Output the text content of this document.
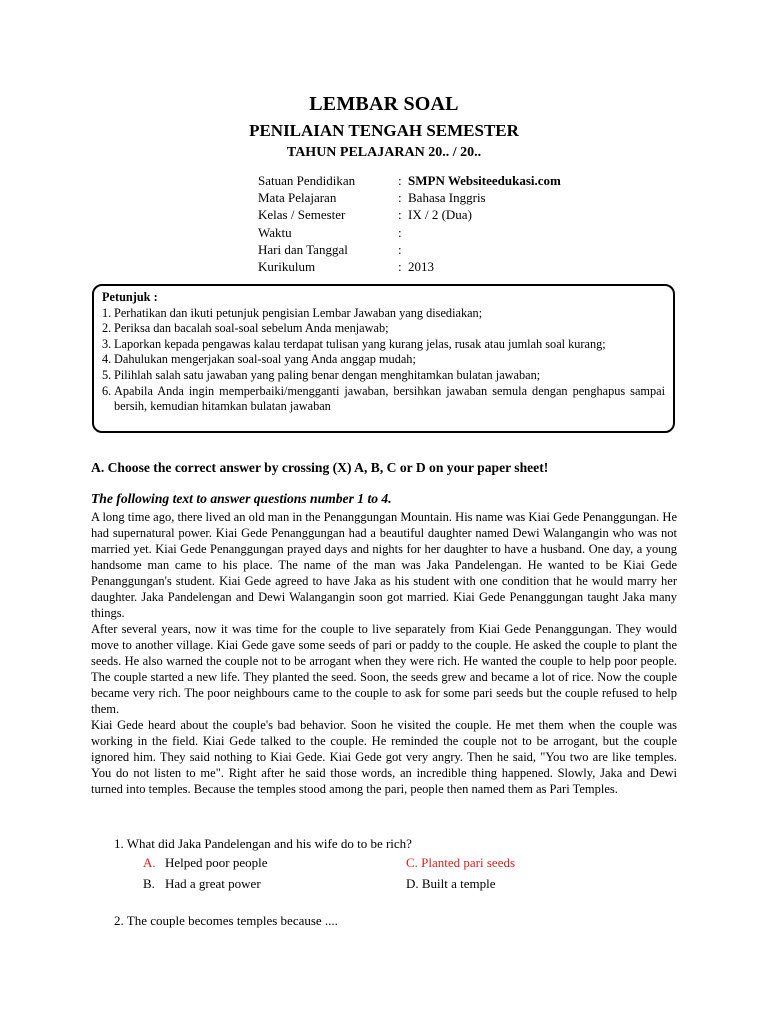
LEMBAR SOAL
PENILAIAN TENGAH SEMESTER
TAHUN PELAJARAN 20.. / 20..
Satuan Pendidikan	: SMPN Websiteedukasi.com
Mata Pelajaran	: Bahasa Inggris
Kelas / Semester	: IX / 2 (Dua)
Waktu	:
Hari dan Tanggal	:
Kurikulum	: 2013
Petunjuk :
1. Perhatikan dan ikuti petunjuk pengisian Lembar Jawaban yang disediakan;
2. Periksa dan bacalah soal-soal sebelum Anda menjawab;
3. Laporkan kepada pengawas kalau terdapat tulisan yang kurang jelas, rusak atau jumlah soal kurang;
4. Dahulukan mengerjakan soal-soal yang Anda anggap mudah;
5. Pilihlah salah satu jawaban yang paling benar dengan menghitamkan bulatan jawaban;
6. Apabila Anda ingin memperbaiki/mengganti jawaban, bersihkan jawaban semula dengan penghapus sampai bersih, kemudian hitamkan bulatan jawaban
A. Choose the correct answer by crossing (X) A, B, C or D on your paper sheet!
The following text to answer questions number 1 to 4.

A long time ago, there lived an old man in the Penanggungan Mountain. His name was Kiai Gede Penanggungan. He had supernatural power. Kiai Gede Penanggungan had a beautiful daughter named Dewi Walangangin who was not married yet. Kiai Gede Penanggungan prayed days and nights for her daughter to have a husband. One day, a young handsome man came to his place. The name of the man was Jaka Pandelengan. He wanted to be Kiai Gede Penanggungan's student. Kiai Gede agreed to have Jaka as his student with one condition that he would marry her daughter. Jaka Pandelengan and Dewi Walangangin soon got married. Kiai Gede Penanggungan taught Jaka many things.

After several years, now it was time for the couple to live separately from Kiai Gede Penanggungan. They would move to another village. Kiai Gede gave some seeds of pari or paddy to the couple. He asked the couple to plant the seeds. He also warned the couple not to be arrogant when they were rich. He wanted the couple to help poor people. The couple started a new life. They planted the seed. Soon, the seeds grew and became a lot of rice. Now the couple became very rich. The poor neighbours came to the couple to ask for some pari seeds but the couple refused to help them.

Kiai Gede heard about the couple's bad behavior. Soon he visited the couple. He met them when the couple was working in the field. Kiai Gede talked to the couple. He reminded the couple not to be arrogant, but the couple ignored him. They said nothing to Kiai Gede. Kiai Gede got very angry. Then he said, "You two are like temples. You do not listen to me". Right after he said those words, an incredible thing happened. Slowly, Jaka and Dewi turned into temples. Because the temples stood among the pari, people then named them as Pari Temples.

1. What did Jaka Pandelengan and his wife do to be rich?
A. Helped poor people
B. Had a great power
C. Planted pari seeds
D. Built a temple
2. The couple becomes temples because ....
